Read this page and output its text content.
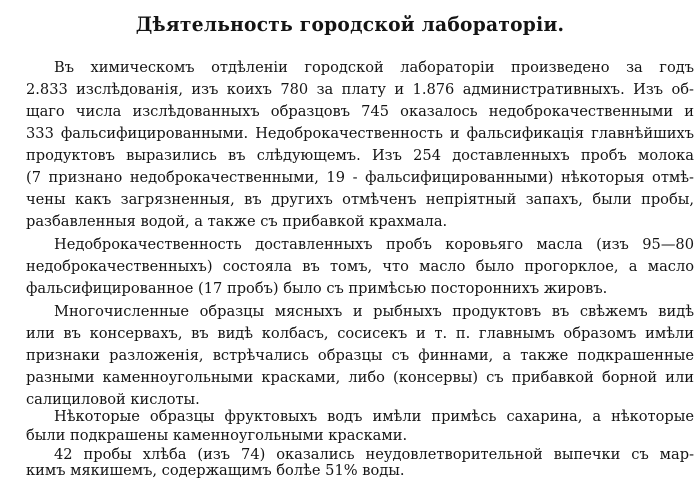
Дѣятельность городской лабораторіи.
Въ химическомъ отдѣленіи городской лабораторіи произведено за годъ
2.833 изслѣдованія, изъ коихъ 780 за плату и 1.876 административныхъ. Изъ об-
щаго числа изслѣдованныхъ образцовъ 745 оказалось недоброкачественными и
333 фальсифицированными. Недоброкачественность и фальсификація главнѣйшихъ
продуктовъ выразились въ слѣдующемъ. Изъ 254 доставленныхъ пробъ молока
(7 признано недоброкачественными, 19 - фальсифицированными) нѣкоторыя отмѣ-
чены какъ загрязненныя, въ другихъ отмѣченъ непріятный запахъ, были пробы,
разбавленныя водой, а также съ прибавкой крахмала.
Недоброкачественность доставленныхъ пробъ коровьяго масла (изъ 95—80
недоброкачественныхъ) состояла въ томъ, что масло было прогорклое, а масло
фальсифицированное (17 пробъ) было съ примѣсью постороннихъ жировъ.
Многочисленные образцы мясныхъ и рыбныхъ продуктовъ въ свѣжемъ видѣ
или въ консервахъ, въ видѣ колбасъ, сосисекъ и т. п. главнымъ образомъ имѣли
признаки разложенія, встрѣчались образцы съ финнами, а также подкрашенные
разными каменноугольными красками, либо (консервы) съ прибавкой борной или
салициловой кислоты.
Нѣкоторые образцы фруктовыхъ водъ имѣли примѣсь сахарина, а нѣкоторые
были подкрашены каменноугольными красками.
42 пробы хлѣба (изъ 74) оказались неудовлетворительной выпечки съ мар-
кимъ мякишемъ, содержащимъ болѣе 51% воды.
